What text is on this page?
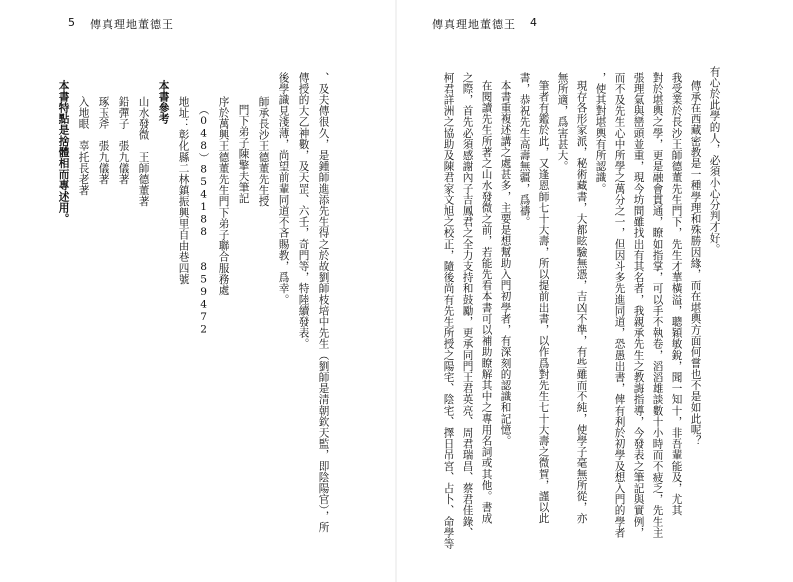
5 傳真理地董德王
、及夫傳很久，是鍾師進添先生得之於故劉師枝培中先生（劉師是清朝欽天監，即陰陽官），所
傳授的大乙神數，及天罡、六壬，奇門等，特陸續發表。
後學識見淺薄，尚望前輩同道不吝賜教，爲幸。
師承長沙王德董先生授
門下弟子陳擎夫筆記
序於萬興王德董先生門下弟子聯合服務處
（048）854188　　859472
地址：彰化縣二林鎮振興里自由巷四號
本書參考
山水發微　王師德董著
鉛彈子　張九儀著
琢玉斧　張九儀著
入地眼　辜托長老著
本書特點是捨體相而專述用。
傳真理地董德王 4
有心於此學的人，必須小心分判才好。
傳承在西藏密教是一種學理和殊勝因緣，而在堪輿方面何嘗也不是如此呢？
我受業於長沙王師德董先生門下，先生才華橫溢，聰穎敏銳，聞一知十，非吾輩能及，尤其
對於堪輿之學，更是融會貫通，瞭如指掌，可以手不執卷，滔滔雄談數十小時而不疲乏，先生主
張理氣與巒頭並重，現今坊間雖找出有其名者，我親承先生之教誨指導，今發表之筆記與實例，
而不及先生心中所學之萬分之一，但因斗多先進同道，恐愚出書，俾有利於初學及想入門的學者
，使其對堪輿有所認識。
現存各形家派，秘術藏書，大都眩驗無憑，吉凶不準，有些雖而不純，使學子毫無所從，亦
無所適，爲害甚大。
筆者有鑑於此，又逢恩師七十大壽，所以提前出書，以作爲對先生七十大壽之微賀，謹以此
書，恭祝先生高壽無疆，爲禱。
本書重複述講之處甚多，主要是想幫助入門初學者，有深刻的認識和記憶。
在閱讀先生所著之山水發微之前，若能先看本書可以補助瞭解其中之專用名詞或其他。書成
之際，首先必須感謝內子吉鳳君之全力支持和鼓勵，更承同門王君英亮、周君瑞昌、蔡君佳錄、
柯君詳洲之協助及陳君家文旭之校正，隨後尚有先生所授之陽宅、陰宅、擇日吊宮、占卜、命學等
